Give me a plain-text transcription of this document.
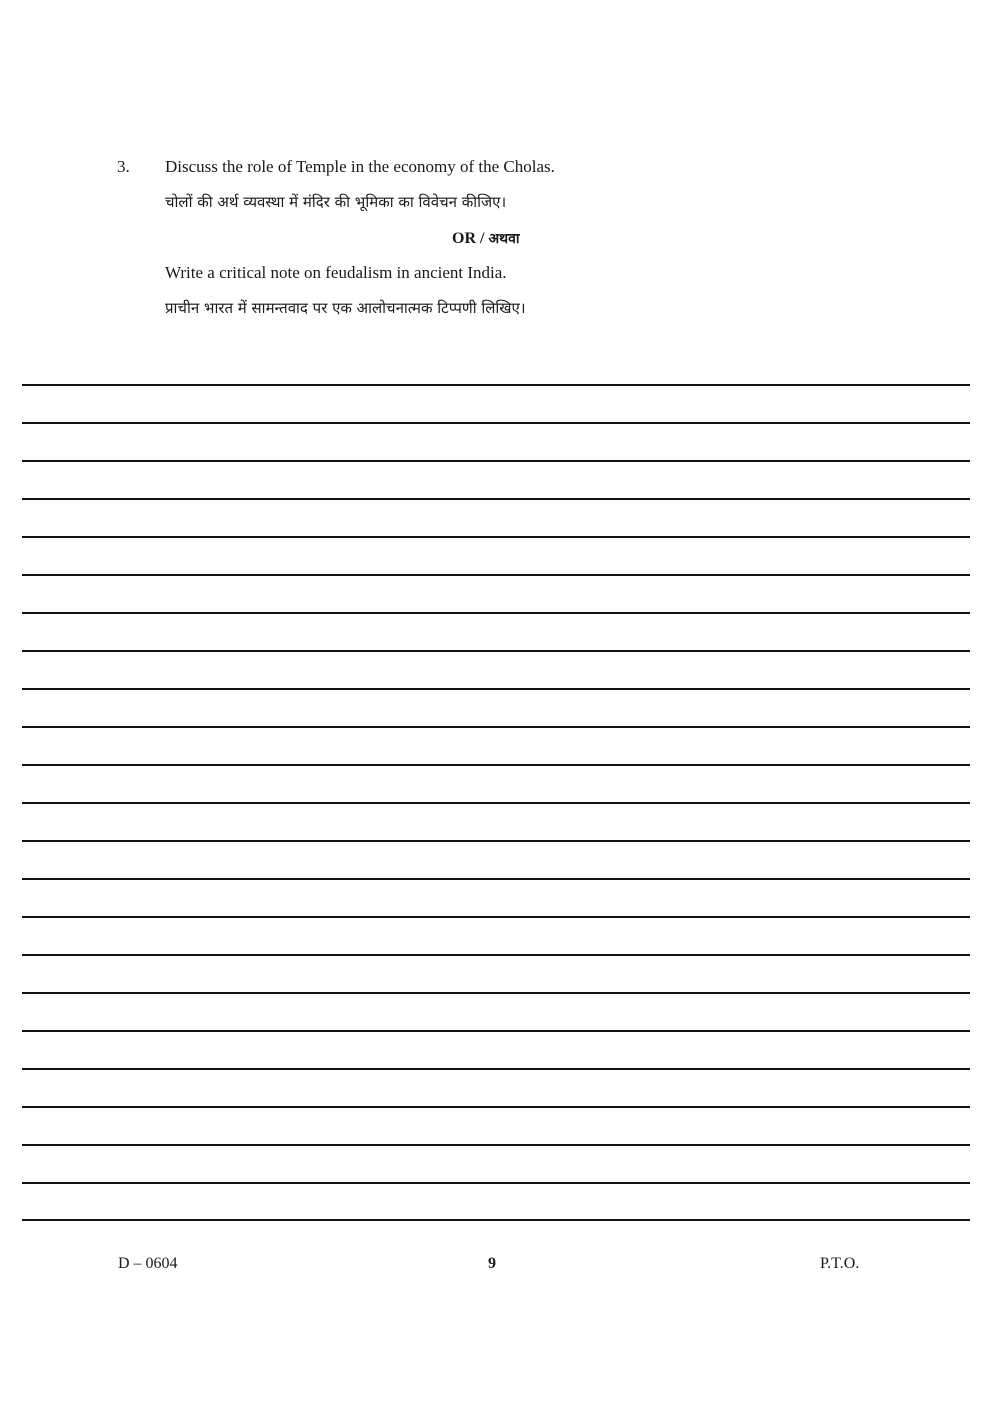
3. Discuss the role of Temple in the economy of the Cholas.
चोलों की अर्थ व्यवस्था में मंदिर की भूमिका का विवेचन कीजिए।
OR / अथवा
Write a critical note on feudalism in ancient India.
प्राचीन भारत में सामन्तवाद पर एक आलोचनात्मक टिप्पणी लिखिए।
D – 0604	9	P.T.O.
